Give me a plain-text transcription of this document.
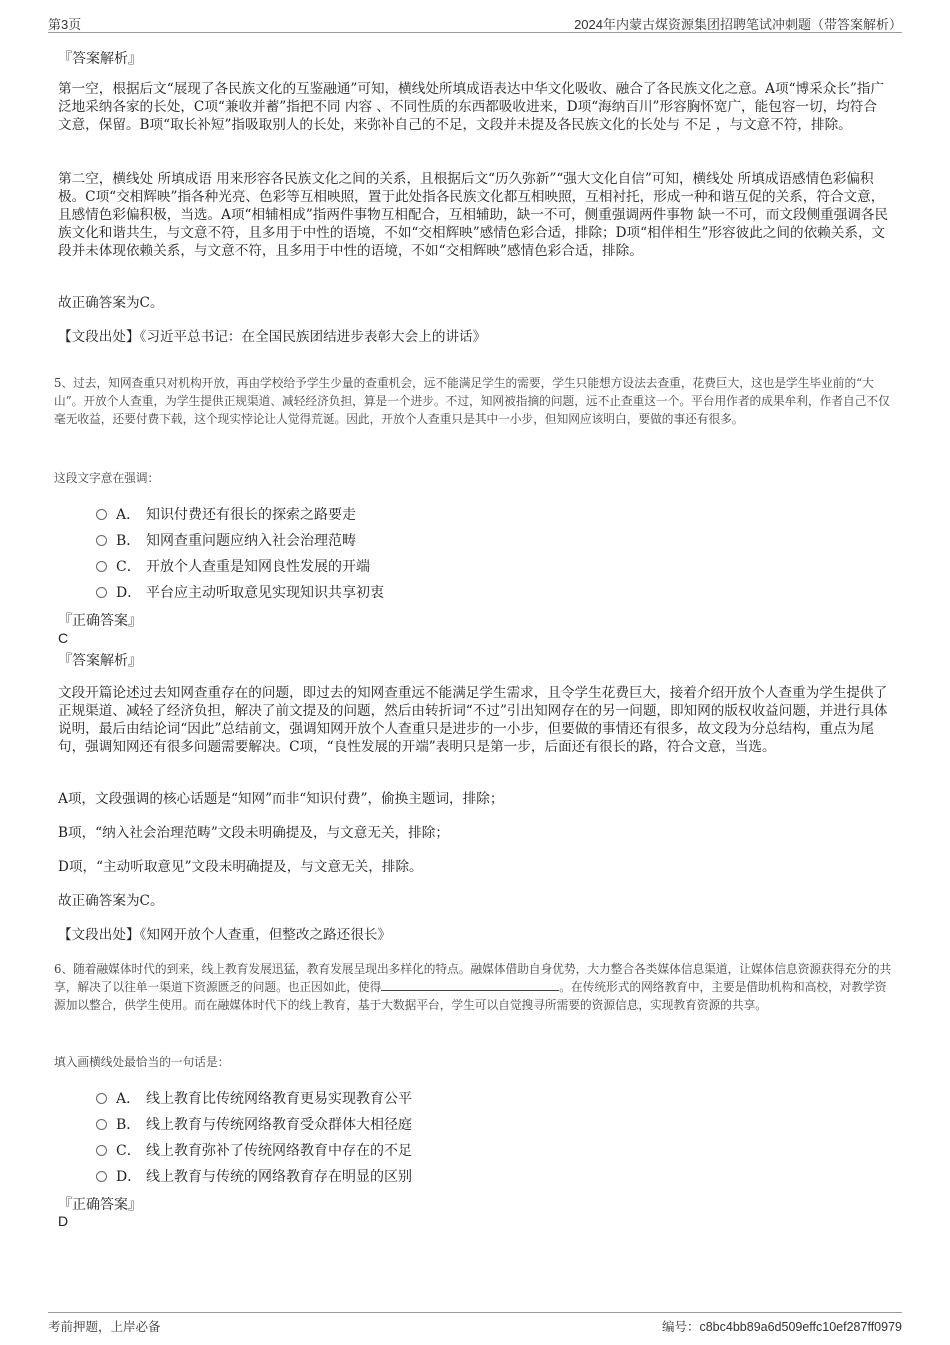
第3页	2024年内蒙古煤资源集团招聘笔试冲刺题（带答案解析）
『答案解析』
第一空，根据后文“展现了各民族文化的互鉴融通”可知，横线处所填成语表达中华文化吸收、融合了各民族文化之意。A项“博采众长”指广泛地采纳各家的长处，C项“兼收并蓄”指把不同 内容 、不同性质的东西都吸收进来，D项“海纳百川”形容胸怀宽广，能包容一切，均符合文意，保留。B项“取长补短”指吸取别人的长处，来弥补自己的不足，文段并未提及各民族文化的长处与 不足 ，与文意不符，排除。
第二空，横线处 所填成语 用来形容各民族文化之间的关系，且根据后文“历久弥新”“强大文化自信”可知，横线处 所填成语感情色彩偏积极。C项“交相辉映”指各种光亮、色彩等互相映照，置于此处指各民族文化都互相映照，互相衬托，形成一种和谐互促的关系，符合文意，且感情色彩偏积极，当选。A项“相辅相成”指两件事物互相配合，互相辅助，缺一不可，侧重强调两件事物 缺一不可，而文段侧重强调各民族文化和谐共生，与文意不符，且多用于中性的语境，不如“交相辉映”感情色彩合适，排除；D项“相伴相生”形容彼此之间的依赖关系，文段并未体现依赖关系，与文意不符，且多用于中性的语境，不如“交相辉映”感情色彩合适，排除。
故正确答案为C。
【文段出处】《习近平总书记：在全国民族团结进步表彰大会上的讲话》
5、过去，知网查重只对机构开放，再由学校给予学生少量的查重机会，远不能满足学生的需要，学生只能想方设法去查重，花费巨大，这也是学生毕业前的“大山”。开放个人查重，为学生提供正规渠道、减轻经济负担，算是一个进步。不过，知网被指摘的问题，远不止查重这一个。平台用作者的成果牟利，作者自己不仅毫无收益，还要付费下载，这个现实悖论让人觉得荒诞。因此，开放个人查重只是其中一小步，但知网应该明白，要做的事还有很多。
这段文字意在强调：
A． 知识付费还有很长的探索之路要走
B． 知网查重问题应纳入社会治理范畴
C． 开放个人查重是知网良性发展的开端
D． 平台应主动听取意见实现知识共享初衷
『正确答案』
C
『答案解析』
文段开篇论述过去知网查重存在的问题，即过去的知网查重远不能满足学生需求，且令学生花费巨大，接着介绍开放个人查重为学生提供了正规渠道、减轻了经济负担，解决了前文提及的问题，然后由转折词“不过”引出知网存在的另一问题，即知网的版权收益问题，并进行具体说明，最后由结论词“因此”总结前文，强调知网开放个人查重只是进步的一小步，但要做的事情还有很多，故文段为分总结构，重点为尾句，强调知网还有很多问题需要解决。C项，“良性发展的开端”表明只是第一步，后面还有很长的路，符合文意，当选。
A项，文段强调的核心话题是“知网”而非“知识付费”，偷换主题词，排除；
B项，“纳入社会治理范畴”文段未明确提及，与文意无关，排除；
D项，“主动听取意见”文段未明确提及，与文意无关，排除。
故正确答案为C。
【文段出处】《知网开放个人查重，但整改之路还很长》
6、随着融媒体时代的到来，线上教育发展迅猛，教育发展呈现出多样化的特点。融媒体借助自身优势，大力整合各类媒体信息渠道，让媒体信息资源获得充分的共享，解决了以往单一渠道下资源匮乏的问题。也正因如此，使得	。在传统形式的网络教育中，主要是借助机构和高校，对教学资源加以整合，供学生使用。而在融媒体时代下的线上教育，基于大数据平台，学生可以自觉搜寻所需要的资源信息，实现教育资源的共享。
填入画横线处最恰当的一句话是：
A． 线上教育比传统网络教育更易实现教育公平
B． 线上教育与传统网络教育受众群体大相径庭
C． 线上教育弥补了传统网络教育中存在的不足
D． 线上教育与传统的网络教育存在明显的区别
『正确答案』
D
考前押题，上岸必备	编号：c8bc4bb89a6d509effc10ef287ff0979
